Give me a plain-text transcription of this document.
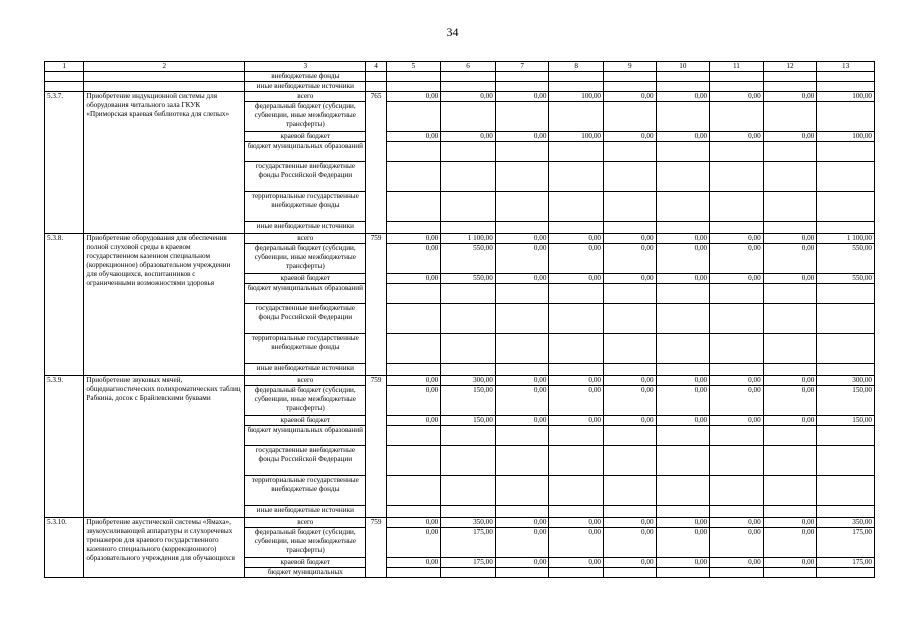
34
1	2	3	4	5	6	7	8	9	10	11	12	13
		внебюджетные фонды										
		иные внебюджетные источники										
5.3.7.	Приобретение индукционной системы для оборудования читального зала ГКУК «Приморская краевая библиотека для слепых»	всего	765	0,00	0,00	0,00	100,00	0,00	0,00	0,00	0,00	100,00
		федеральный бюджет (субсидии, субвенции, иные межбюджетные трансферты)										
		краевой бюджет		0,00	0,00	0,00	100,00	0,00	0,00	0,00	0,00	100,00
		бюджет муниципальных образований										
		государственные внебюджетные фонды Российской Федерации										
		территориальные государственные внебюджетные фонды										
		иные внебюджетные источники										
5.3.8.	Приобретение оборудования для обеспечения полной слуховой среды в краевом государственном казенном специальном (коррекционное) образовательном учреждении для обучающихся, воспитанников с ограниченными возможностями здоровья	всего	759	0,00	1 100,00	0,00	0,00	0,00	0,00	0,00	0,00	1 100,00
		федеральный бюджет (субсидии, субвенции, иные межбюджетные трансферты)		0,00	550,00	0,00	0,00	0,00	0,00	0,00	0,00	550,00
		краевой бюджет		0,00	550,00	0,00	0,00	0,00	0,00	0,00	0,00	550,00
		бюджет муниципальных образований										
		государственные внебюджетные фонды Российской Федерации										
		территориальные государственные внебюджетные фонды										
		иные внебюджетные источники										
5.3.9.	Приобретение звуковых мячей, общедиагностических полихроматических таблиц Рабкина, досок с Брайлевскими буквами	всего	759	0,00	300,00	0,00	0,00	0,00	0,00	0,00	0,00	300,00
		федеральный бюджет (субсидии, субвенции, иные межбюджетные трансферты)		0,00	150,00	0,00	0,00	0,00	0,00	0,00	0,00	150,00
		краевой бюджет		0,00	150,00	0,00	0,00	0,00	0,00	0,00	0,00	150,00
		бюджет муниципальных образований										
		государственные внебюджетные фонды Российской Федерации										
		территориальные государственные внебюджетные фонды										
		иные внебюджетные источники										
5.3.10.	Приобретение акустической системы «Ямаха», звукоусиливающей аппаратуры и слухоречевых тренажеров для краевого государственного казенного специального (коррекционного) образовательного учреждения для обучающихся	всего	759	0,00	350,00	0,00	0,00	0,00	0,00	0,00	0,00	350,00
		федеральный бюджет (субсидии, субвенции, иные межбюджетные трансферты)		0,00	175,00	0,00	0,00	0,00	0,00	0,00	0,00	175,00
		краевой бюджет		0,00	175,00	0,00	0,00	0,00	0,00	0,00	0,00	175,00
		бюджет муниципальных										
